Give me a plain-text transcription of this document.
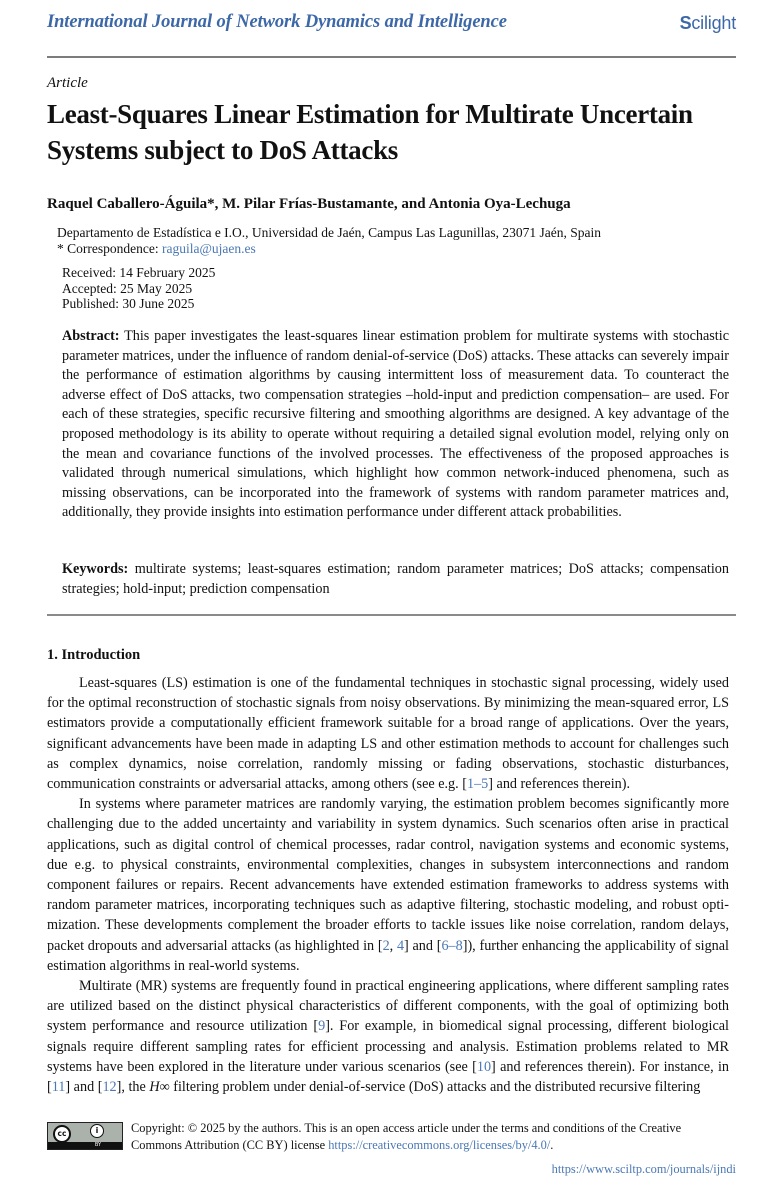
International Journal of Network Dynamics and Intelligence	Scilight
Article
Least-Squares Linear Estimation for Multirate Uncertain Systems subject to DoS Attacks
Raquel Caballero-Águila*, M. Pilar Frías-Bustamante, and Antonia Oya-Lechuga
Departamento de Estadística e I.O., Universidad de Jaén, Campus Las Lagunillas, 23071 Jaén, Spain
* Correspondence: raguila@ujaen.es
Received: 14 February 2025
Accepted: 25 May 2025
Published: 30 June 2025
Abstract: This paper investigates the least-squares linear estimation problem for multirate systems with stochastic parameter matrices, under the influence of random denial-of-service (DoS) attacks. These attacks can severely impair the performance of estimation algorithms by causing intermittent loss of measurement data. To counteract the adverse effect of DoS attacks, two compensation strategies –hold-input and prediction compensation– are used. For each of these strategies, specific recursive filtering and smoothing algorithms are designed. A key advantage of the proposed methodology is its ability to operate without requiring a detailed signal evolution model, relying only on the mean and covariance functions of the involved processes. The effectiveness of the proposed approaches is validated through numerical simulations, which highlight how common network-induced phenomena, such as missing observations, can be incorporated into the framework of systems with random parameter matrices and, additionally, they provide insights into estimation performance under different attack probabilities.
Keywords: multirate systems; least-squares estimation; random parameter matrices; DoS attacks; compensation strategies; hold-input; prediction compensation
1. Introduction

Least-squares (LS) estimation is one of the fundamental techniques in stochastic signal processing, widely used for the optimal reconstruction of stochastic signals from noisy observations. By minimizing the mean-squared error, LS estimators provide a computationally efficient framework suitable for a broad range of applications. Over the years, significant advancements have been made in adapting LS and other estimation methods to account for challenges such as complex dynamics, noise correlation, randomly missing or fading observations, stochastic disturbances, communication constraints or adversarial attacks, among others (see e.g. [1–5] and references therein).

In systems where parameter matrices are randomly varying, the estimation problem becomes significantly more challenging due to the added uncertainty and variability in system dynamics. Such scenarios often arise in practical applications, such as digital control of chemical processes, radar control, navigation systems and economic systems, due e.g. to physical constraints, environmental complexities, changes in subsystem interconnections and random component failures or repairs. Recent advancements have extended estimation frameworks to address systems with random parameter matrices, incorporating techniques such as adaptive filtering, stochastic modeling, and robust optimization. These developments complement the broader efforts to tackle issues like noise correlation, random delays, packet dropouts and adversarial attacks (as highlighted in [2, 4] and [6–8]), further enhancing the applicability of signal estimation algorithms in real-world systems.

Multirate (MR) systems are frequently found in practical engineering applications, where different sampling rates are utilized based on the distinct physical characteristics of different components, with the goal of optimizing both system performance and resource utilization [9]. For example, in biomedical signal processing, different biological signals require different sampling rates for efficient processing and analysis. Estimation problems related to MR systems have been explored in the literature under various scenarios (see [10] and references therein). For instance, in [11] and [12], the H∞ filtering problem under denial-of-service (DoS) attacks and the distributed recursive filtering

cc	i
BY
Copyright: © 2025 by the authors. This is an open access article under the terms and conditions of the Creative Commons Attribution (CC BY) license https://creativecommons.org/licenses/by/4.0/.
https://www.sciltp.com/journals/ijndi
